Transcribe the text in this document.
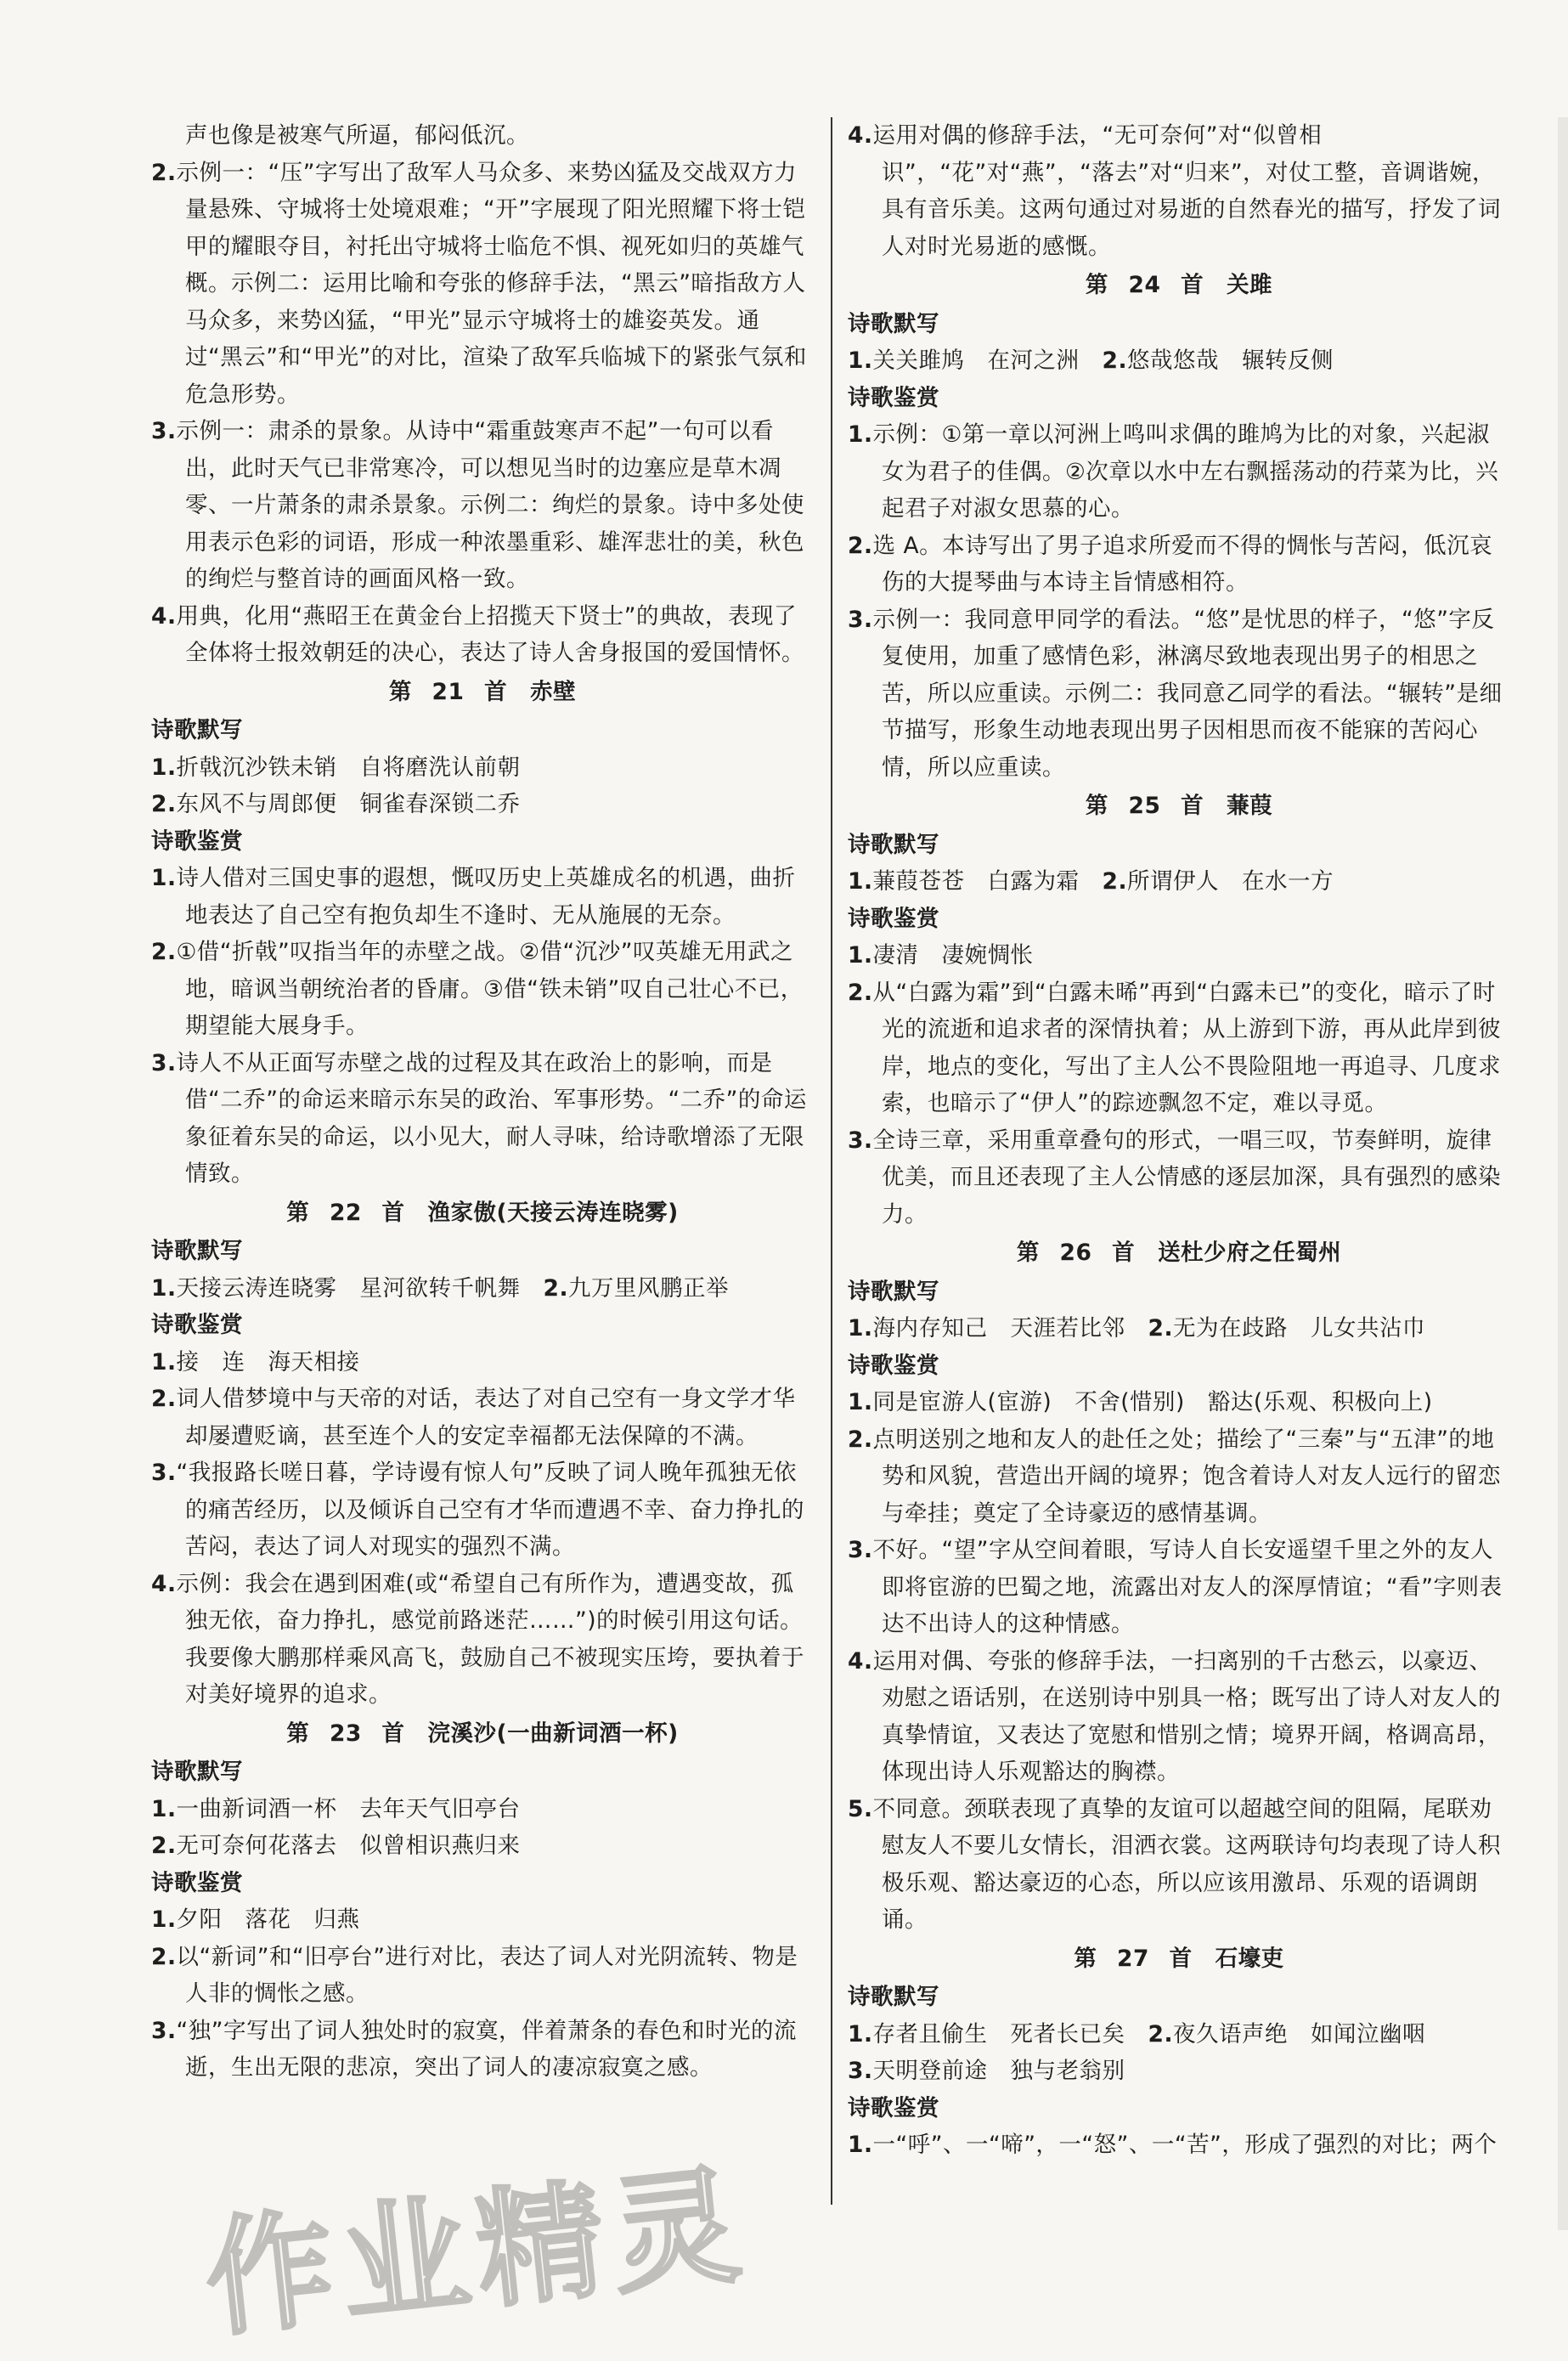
声也像是被寒气所逼，郁闷低沉。

2.示例一：“压”字写出了敌军人马众多、来势凶猛及交战双方力量悬殊、守城将士处境艰难；“开”字展现了阳光照耀下将士铠甲的耀眼夺目，衬托出守城将士临危不惧、视死如归的英雄气概。示例二：运用比喻和夸张的修辞手法，“黑云”暗指敌方人马众多，来势凶猛，“甲光”显示守城将士的雄姿英发。通过“黑云”和“甲光”的对比，渲染了敌军兵临城下的紧张气氛和危急形势。

3.示例一：肃杀的景象。从诗中“霜重鼓寒声不起”一句可以看出，此时天气已非常寒冷，可以想见当时的边塞应是草木凋零、一片萧条的肃杀景象。示例二：绚烂的景象。诗中多处使用表示色彩的词语，形成一种浓墨重彩、雄浑悲壮的美，秋色的绚烂与整首诗的画面风格一致。

4.用典，化用“燕昭王在黄金台上招揽天下贤士”的典故，表现了全体将士报效朝廷的决心，表达了诗人舍身报国的爱国情怀。

第 21 首　赤壁

诗歌默写

1.折戟沉沙铁未销　自将磨洗认前朝

2.东风不与周郎便　铜雀春深锁二乔

诗歌鉴赏

1.诗人借对三国史事的遐想，慨叹历史上英雄成名的机遇，曲折地表达了自己空有抱负却生不逢时、无从施展的无奈。

2.①借“折戟”叹指当年的赤壁之战。②借“沉沙”叹英雄无用武之地，暗讽当朝统治者的昏庸。③借“铁未销”叹自己壮心不已，期望能大展身手。

3.诗人不从正面写赤壁之战的过程及其在政治上的影响，而是借“二乔”的命运来暗示东吴的政治、军事形势。“二乔”的命运象征着东吴的命运，以小见大，耐人寻味，给诗歌增添了无限情致。

第 22 首　渔家傲(天接云涛连晓雾)

诗歌默写

1.天接云涛连晓雾　星河欲转千帆舞　2.九万里风鹏正举

诗歌鉴赏

1.接　连　海天相接

2.词人借梦境中与天帝的对话，表达了对自己空有一身文学才华却屡遭贬谪，甚至连个人的安定幸福都无法保障的不满。

3.“我报路长嗟日暮，学诗谩有惊人句”反映了词人晚年孤独无依的痛苦经历，以及倾诉自己空有才华而遭遇不幸、奋力挣扎的苦闷，表达了词人对现实的强烈不满。

4.示例：我会在遇到困难(或“希望自己有所作为，遭遇变故，孤独无依，奋力挣扎，感觉前路迷茫……”)的时候引用这句话。我要像大鹏那样乘风高飞，鼓励自己不被现实压垮，要执着于对美好境界的追求。

第 23 首　浣溪沙(一曲新词酒一杯)

诗歌默写

1.一曲新词酒一杯　去年天气旧亭台

2.无可奈何花落去　似曾相识燕归来

诗歌鉴赏

1.夕阳　落花　归燕

2.以“新词”和“旧亭台”进行对比，表达了词人对光阴流转、物是人非的惆怅之感。

3.“独”字写出了词人独处时的寂寞，伴着萧条的春色和时光的流逝，生出无限的悲凉，突出了词人的凄凉寂寞之感。

4.运用对偶的修辞手法，“无可奈何”对“似曾相识”，“花”对“燕”，“落去”对“归来”，对仗工整，音调谐婉，具有音乐美。这两句通过对易逝的自然春光的描写，抒发了词人对时光易逝的感慨。

第 24 首　关雎

诗歌默写

1.关关雎鸠　在河之洲　2.悠哉悠哉　辗转反侧

诗歌鉴赏

1.示例：①第一章以河洲上鸣叫求偶的雎鸠为比的对象，兴起淑女为君子的佳偶。②次章以水中左右飘摇荡动的荇菜为比，兴起君子对淑女思慕的心。

2.选 A。本诗写出了男子追求所爱而不得的惆怅与苦闷，低沉哀伤的大提琴曲与本诗主旨情感相符。

3.示例一：我同意甲同学的看法。“悠”是忧思的样子，“悠”字反复使用，加重了感情色彩，淋漓尽致地表现出男子的相思之苦，所以应重读。示例二：我同意乙同学的看法。“辗转”是细节描写，形象生动地表现出男子因相思而夜不能寐的苦闷心情，所以应重读。

第 25 首　蒹葭

诗歌默写

1.蒹葭苍苍　白露为霜　2.所谓伊人　在水一方

诗歌鉴赏

1.凄清　凄婉惆怅

2.从“白露为霜”到“白露未晞”再到“白露未已”的变化，暗示了时光的流逝和追求者的深情执着；从上游到下游，再从此岸到彼岸，地点的变化，写出了主人公不畏险阻地一再追寻、几度求索，也暗示了“伊人”的踪迹飘忽不定，难以寻觅。

3.全诗三章，采用重章叠句的形式，一唱三叹，节奏鲜明，旋律优美，而且还表现了主人公情感的逐层加深，具有强烈的感染力。

第 26 首　送杜少府之任蜀州

诗歌默写

1.海内存知己　天涯若比邻　2.无为在歧路　儿女共沾巾

诗歌鉴赏

1.同是宦游人(宦游)　不舍(惜别)　豁达(乐观、积极向上)

2.点明送别之地和友人的赴任之处；描绘了“三秦”与“五津”的地势和风貌，营造出开阔的境界；饱含着诗人对友人远行的留恋与牵挂；奠定了全诗豪迈的感情基调。

3.不好。“望”字从空间着眼，写诗人自长安遥望千里之外的友人即将宦游的巴蜀之地，流露出对友人的深厚情谊；“看”字则表达不出诗人的这种情感。

4.运用对偶、夸张的修辞手法，一扫离别的千古愁云，以豪迈、劝慰之语话别，在送别诗中别具一格；既写出了诗人对友人的真挚情谊，又表达了宽慰和惜别之情；境界开阔，格调高昂，体现出诗人乐观豁达的胸襟。

5.不同意。颈联表现了真挚的友谊可以超越空间的阻隔，尾联劝慰友人不要儿女情长，泪洒衣裳。这两联诗句均表现了诗人积极乐观、豁达豪迈的心态，所以应该用激昂、乐观的语调朗诵。

第 27 首　石壕吏

诗歌默写

1.存者且偷生　死者长已矣　2.夜久语声绝　如闻泣幽咽

3.天明登前途　独与老翁别

诗歌鉴赏

1.一“呼”、一“啼”，一“怒”、一“苦”，形成了强烈的对比；两个

作业精灵
